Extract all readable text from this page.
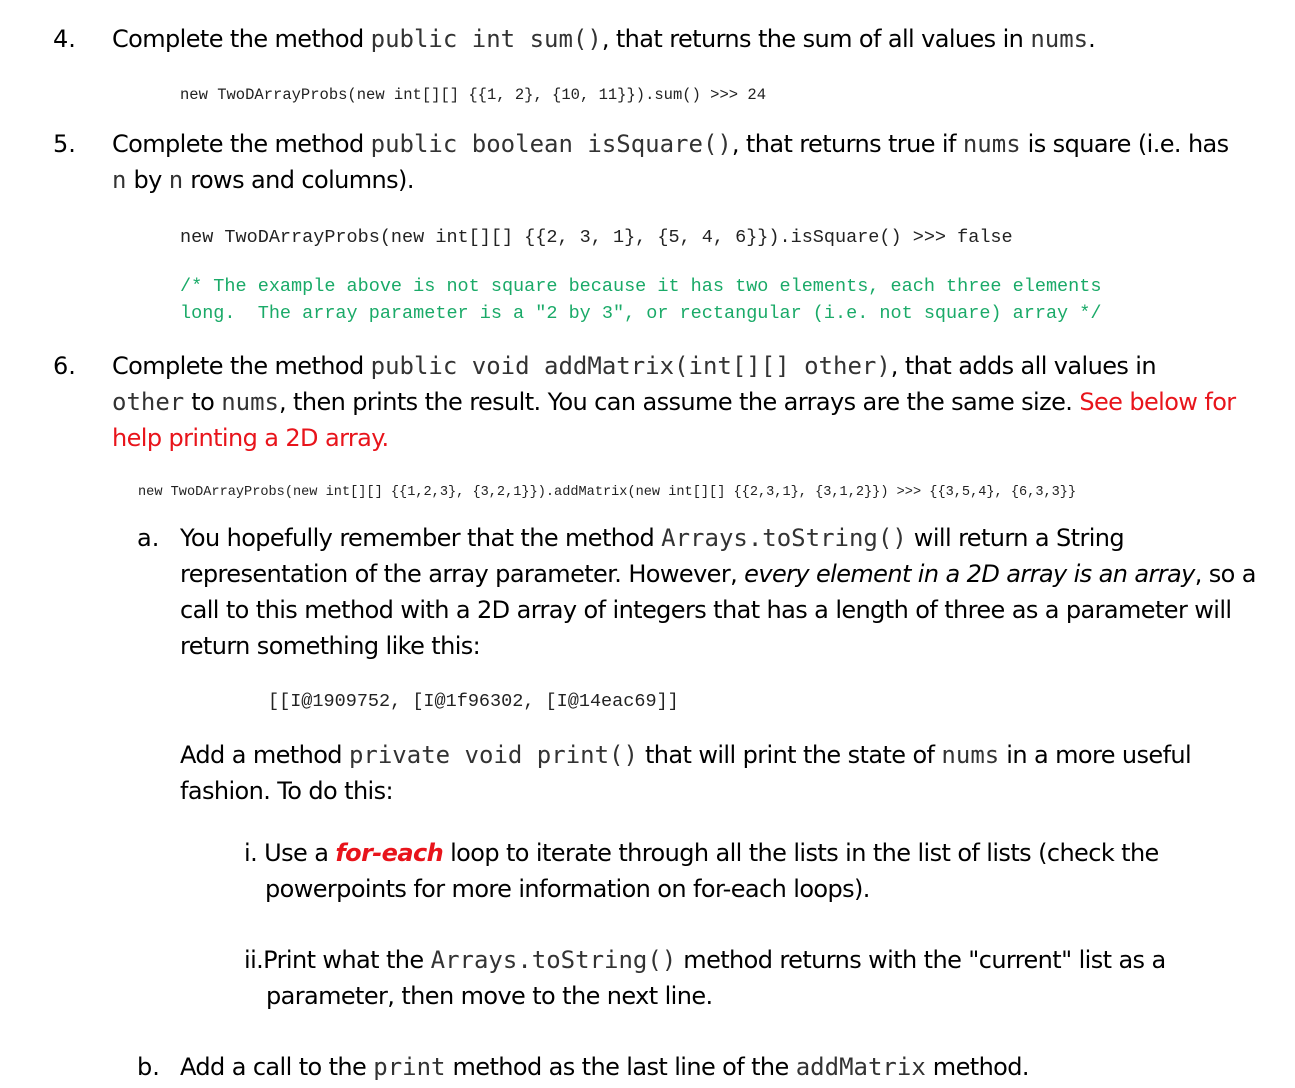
4. Complete the method public int sum(), that returns the sum of all values in nums.
new TwoDArrayProbs(new int[][] {{1, 2}, {10, 11}}).sum() >>> 24
5. Complete the method public boolean isSquare(), that returns true if nums is square (i.e. has
n by n rows and columns).
new TwoDArrayProbs(new int[][] {{2, 3, 1}, {5, 4, 6}}).isSquare() >>> false
/* The example above is not square because it has two elements, each three elements
long.  The array parameter is a "2 by 3", or rectangular (i.e. not square) array */
6. Complete the method public void addMatrix(int[][] other), that adds all values in
other to nums, then prints the result. You can assume the arrays are the same size. See below for
help printing a 2D array.
new TwoDArrayProbs(new int[][] {{1,2,3}, {3,2,1}}).addMatrix(new int[][] {{2,3,1}, {3,1,2}}) >>> {{3,5,4}, {6,3,3}}
a. You hopefully remember that the method Arrays.toString() will return a String
representation of the array parameter. However, every element in a 2D array is an array, so a
call to this method with a 2D array of integers that has a length of three as a parameter will
return something like this:
[[I@1909752, [I@1f96302, [I@14eac69]]
Add a method private void print() that will print the state of nums in a more useful
fashion. To do this:
i. Use a for-each loop to iterate through all the lists in the list of lists (check the
powerpoints for more information on for-each loops).
ii.Print what the Arrays.toString() method returns with the "current" list as a
parameter, then move to the next line.
b. Add a call to the print method as the last line of the addMatrix method.
